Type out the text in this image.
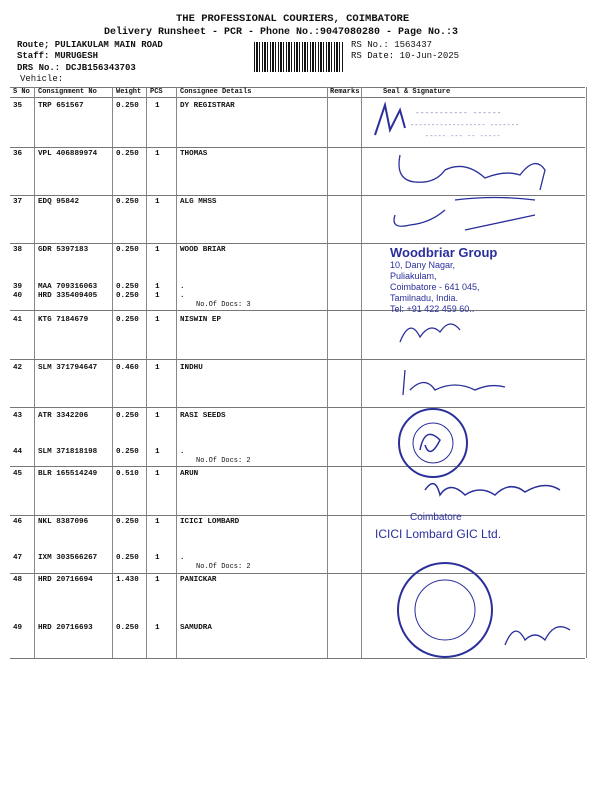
THE PROFESSIONAL COURIERS, COIMBATORE
Delivery Runsheet - PCR - Phone No.:9047080280 - Page No.:3
Route; PULIAKULAM MAIN ROAD
Staff: MURUGESH
DRS No.: DCJB156343703
Vehicle:
RS No.: 1563437
RS Date: 10-Jun-2025
S No Consignment No	Weight PCS Consignee Details	Remarks	Seal & Signature
35 TRP 651567	0.250 1	DY REGISTRAR
36 VPL 406889974 0.250 1	THOMAS
37 EDQ 95842	0.250 1	ALG MHSS
38 GDR 5397183	0.250 1	WOOD BRIAR
39 MAA 709316063 0.250 1	.
40 HRD 335409405 0.250 1	.
41 KTG 7184679	0.250 1	NISWIN EP
42 SLM 371794647 0.460 1	INDHU
43 ATR 3342206	0.250 1	RASI SEEDS
44 SLM 371818198 0.250 1	.
45 BLR 165514249 0.510 1	ARUN
46 NKL 8387096	0.250 1	ICICI LOMBARD
47 IXM 303566267 0.250 1	.
48 HRD 20716694	1.430 1	PANICKAR
49 HRD 20716693	0.250 1	SAMUDRA
No.Of Docs: 3
No.Of Docs: 2
No.Of Docs: 2
----------- ------
------------------ -------
----- --- -- -----
Woodbriar Group
10, Dany Nagar,
Puliakulam,
Coimbatore - 641 045,
Tamilnadu, India.
Tel: +91 422 459 60..
Coimbatore
ICICI Lombard GIC Ltd.
